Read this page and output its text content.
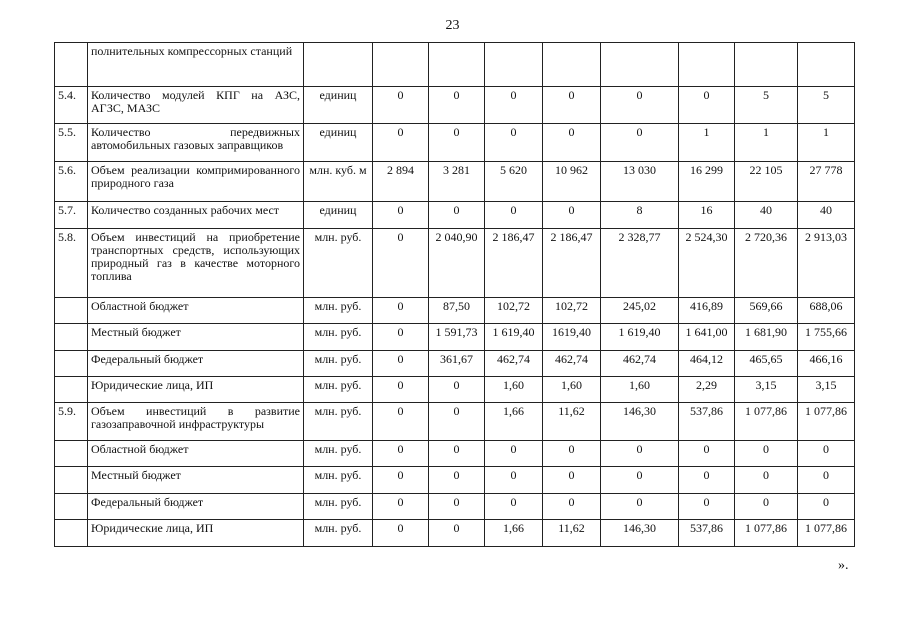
23
	полнительных компрессорных станций									
5.4.	Количество модулей КПГ на АЗС, АГЗС, МАЗС	единиц	0	0	0	0	0	0	5	5
5.5.	Количество передвижных автомобильных газовых заправщиков	единиц	0	0	0	0	0	1	1	1
5.6.	Объем реализации компримированного природного газа	млн. куб. м	2 894	3 281	5 620	10 962	13 030	16 299	22 105	27 778
5.7.	Количество созданных рабочих мест	единиц	0	0	0	0	8	16	40	40
5.8.	Объем инвестиций на приобретение транспортных средств, использующих природный газ в качестве моторного топлива	млн. руб.	0	2 040,90	2 186,47	2 186,47	2 328,77	2 524,30	2 720,36	2 913,03
	Областной бюджет	млн. руб.	0	87,50	102,72	102,72	245,02	416,89	569,66	688,06
	Местный бюджет	млн. руб.	0	1 591,73	1 619,40	1619,40	1 619,40	1 641,00	1 681,90	1 755,66
	Федеральный бюджет	млн. руб.	0	361,67	462,74	462,74	462,74	464,12	465,65	466,16
	Юридические лица, ИП	млн. руб.	0	0	1,60	1,60	1,60	2,29	3,15	3,15
5.9.	Объем инвестиций в развитие газозаправочной инфраструктуры	млн. руб.	0	0	1,66	11,62	146,30	537,86	1 077,86	1 077,86
	Областной бюджет	млн. руб.	0	0	0	0	0	0	0	0
	Местный бюджет	млн. руб.	0	0	0	0	0	0	0	0
	Федеральный бюджет	млн. руб.	0	0	0	0	0	0	0	0
	Юридические лица, ИП	млн. руб.	0	0	1,66	11,62	146,30	537,86	1 077,86	1 077,86
».
